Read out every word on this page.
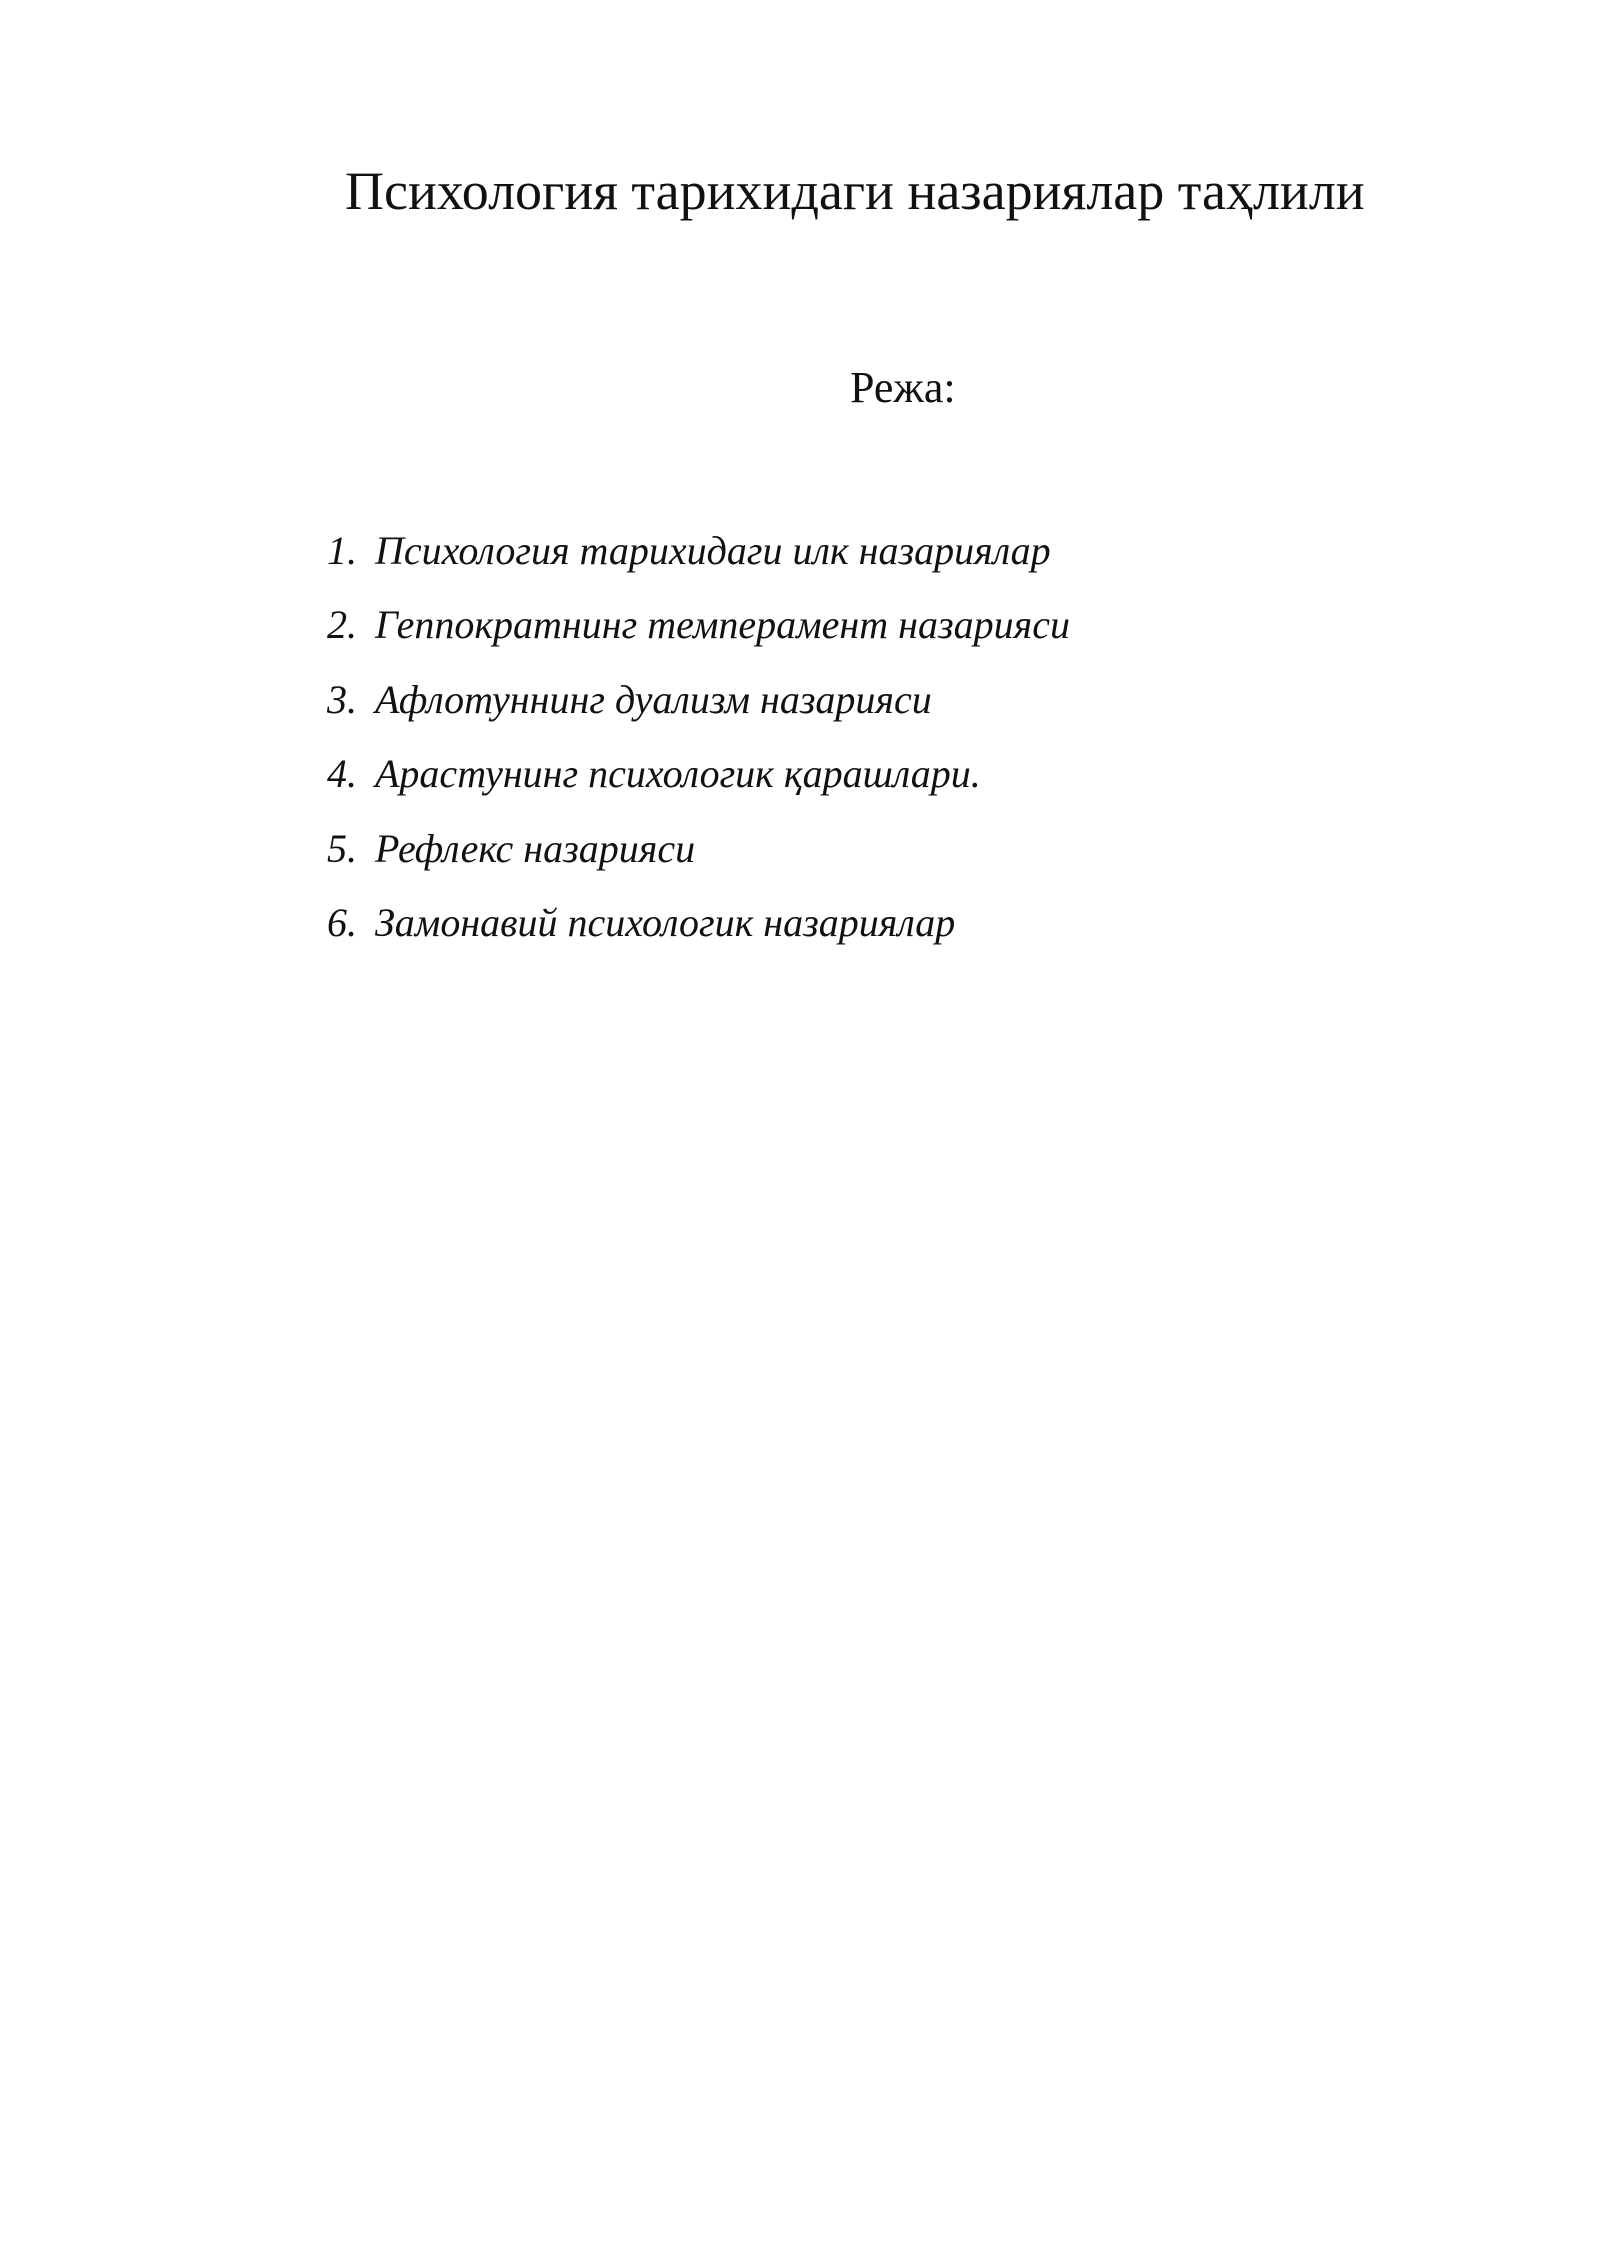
Психология тарихидаги назариялар таҳлили
Режа:
1. Психология тарихидаги илк назариялар
2. Геппократнинг темперамент назарияси
3. Афлотуннинг дуализм назарияси
4. Арастунинг психологик қарашлари.
5. Рефлекс назарияси
6. Замонавий психологик назариялар
